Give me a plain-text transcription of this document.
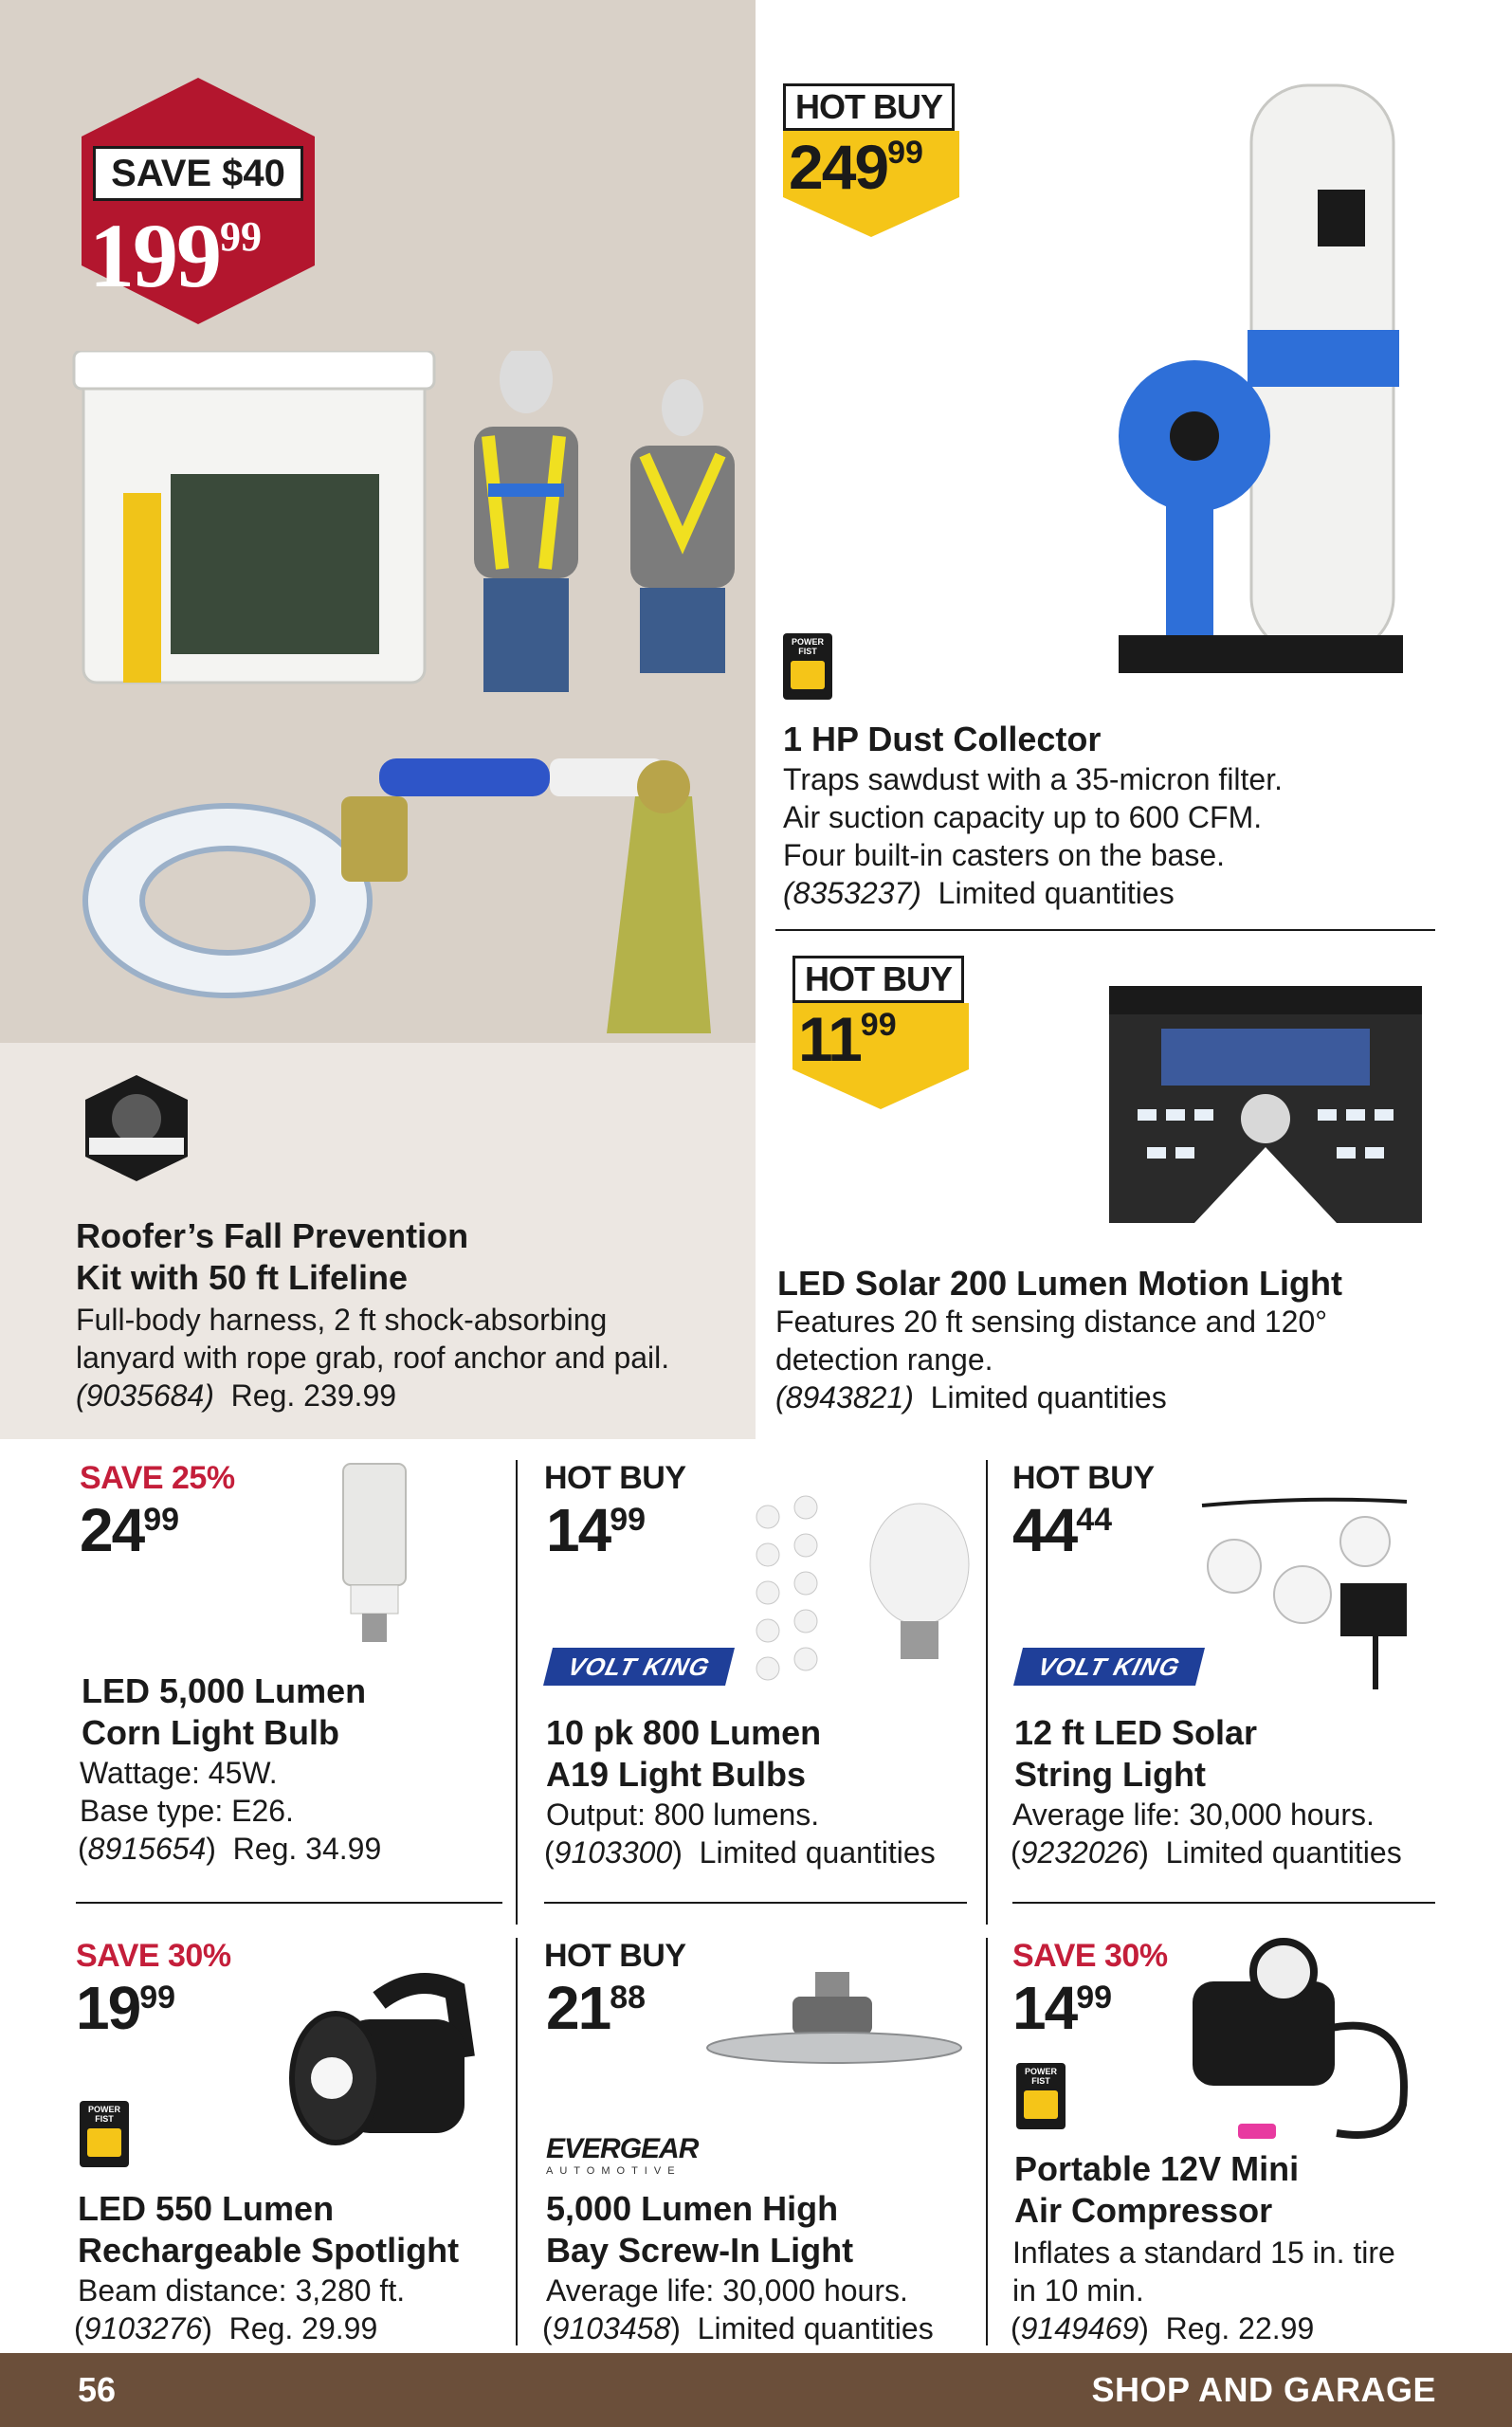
SAVE $40
19999
Roofer’s Fall Prevention
Kit with 50 ft Lifeline
Full-body harness, 2 ft shock-absorbing
lanyard with rope grab, roof anchor and pail.
(9035684) Reg. 239.99
HOT BUY
24999
POWER
FIST
1 HP Dust Collector
Traps sawdust with a 35-micron filter.
Air suction capacity up to 600 CFM.
Four built-in casters on the base.
(8353237) Limited quantities
HOT BUY
1199
LED Solar 200 Lumen Motion Light
Features 20 ft sensing distance and 120°
detection range.
(8943821) Limited quantities
SAVE 25%
2499
LED 5,000 Lumen
Corn Light Bulb
Wattage: 45W.
Base type: E26.
(8915654)  Reg. 34.99
HOT BUY
1499
VOLT KING
10 pk 800 Lumen
A19 Light Bulbs
Output: 800 lumens.
(9103300)  Limited quantities
HOT BUY
4444
VOLT KING
12 ft LED Solar
String Light
Average life: 30,000 hours.
(9232026)  Limited quantities
SAVE 30%
1999
POWER
FIST
LED 550 Lumen
Rechargeable Spotlight
Beam distance: 3,280 ft.
(9103276)  Reg. 29.99
HOT BUY
2188
EVERGEAR
AUTOMOTIVE
5,000 Lumen High
Bay Screw-In Light
Average life: 30,000 hours.
(9103458)  Limited quantities
SAVE 30%
1499
POWER
FIST
Portable 12V Mini
Air Compressor
Inflates a standard 15 in. tire
in 10 min.
(9149469)  Reg. 22.99
56	SHOP AND GARAGE
